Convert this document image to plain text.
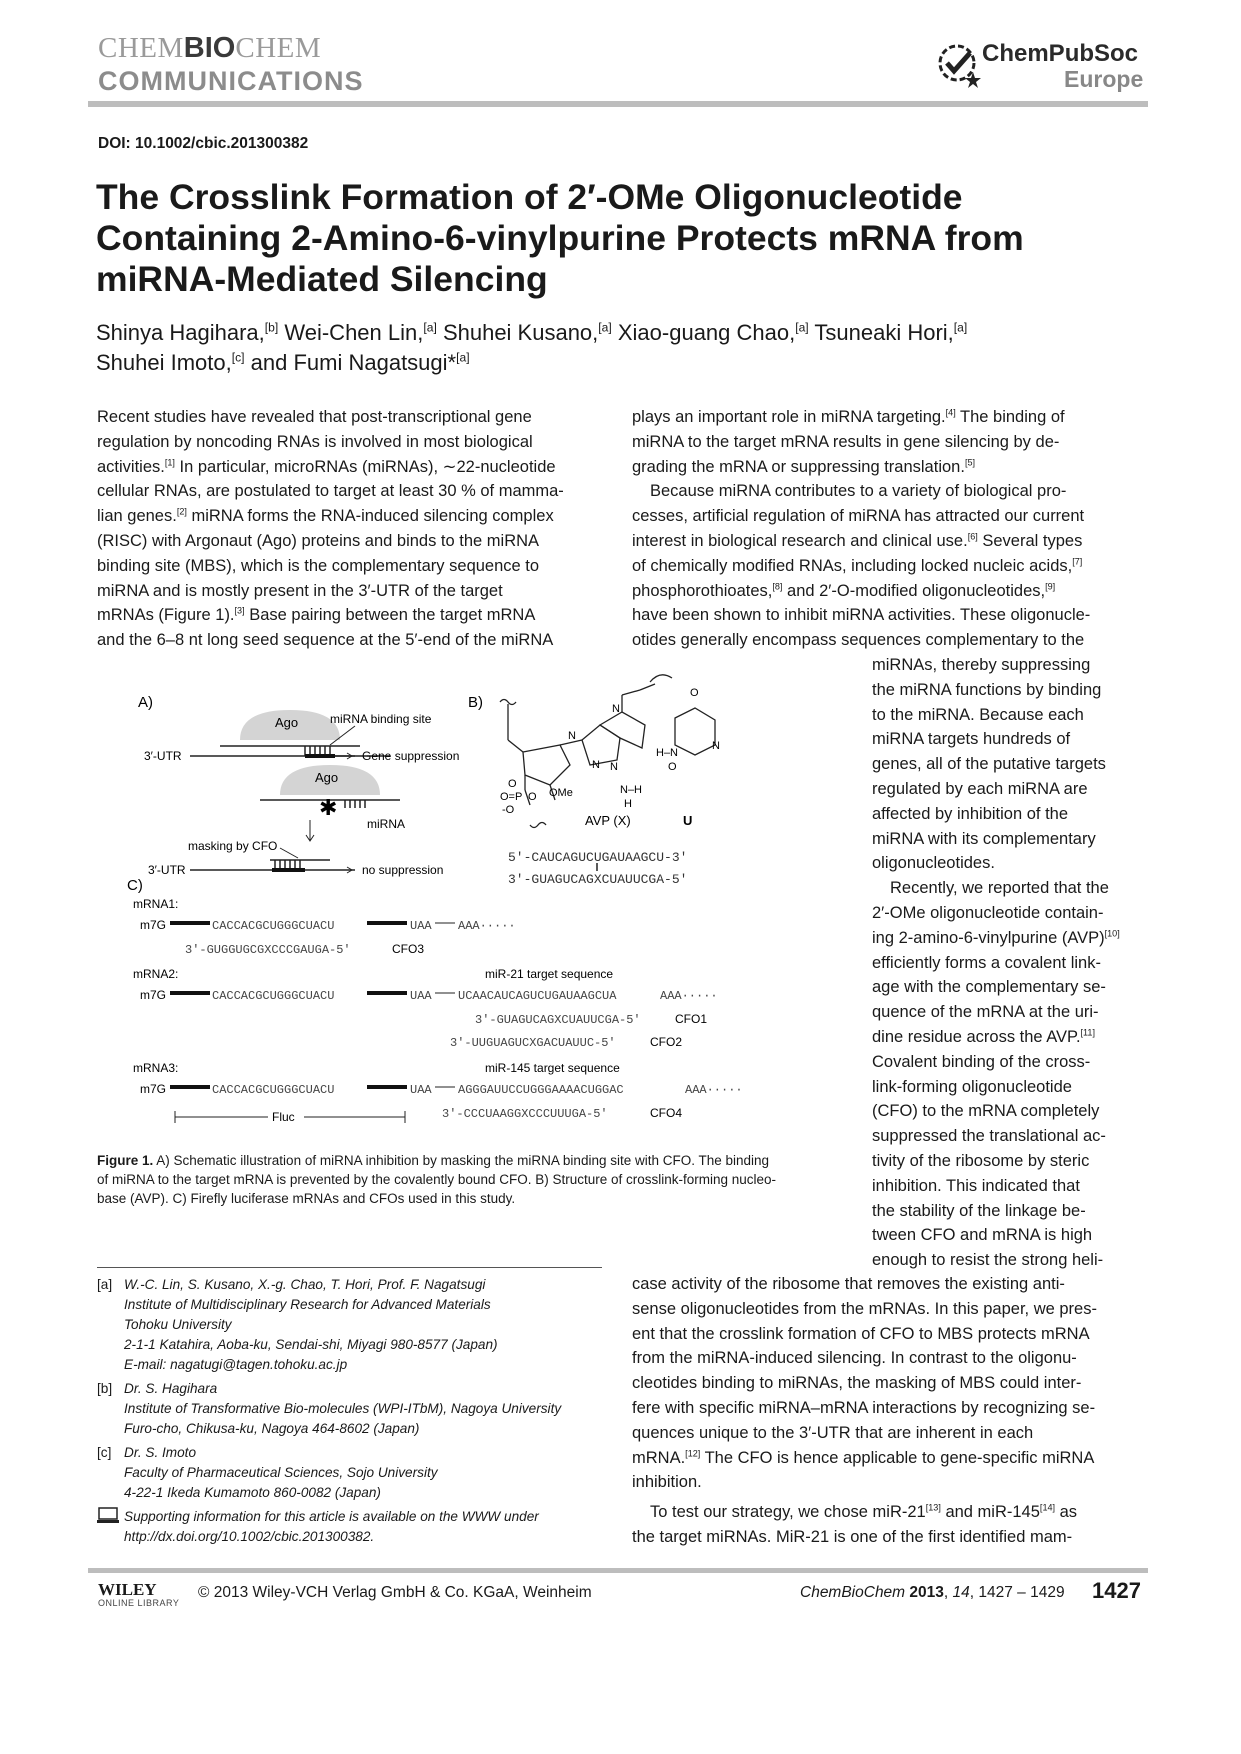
CHEMBIOCHEM
COMMUNICATIONS
ChemPubSoc
Europe
DOI: 10.1002/cbic.201300382
The Crosslink Formation of 2′-OMe Oligonucleotide Containing 2-Amino-6-vinylpurine Protects mRNA from miRNA-Mediated Silencing
Shinya Hagihara,[b] Wei-Chen Lin,[a] Shuhei Kusano,[a] Xiao-guang Chao,[a] Tsuneaki Hori,[a]
Shuhei Imoto,[c] and Fumi Nagatsugi*[a]
Recent studies have revealed that post-transcriptional gene
regulation by noncoding RNAs is involved in most biological
activities.[1] In particular, microRNAs (miRNAs), ∼22-nucleotide
cellular RNAs, are postulated to target at least 30 % of mamma-
lian genes.[2] miRNA forms the RNA-induced silencing complex
(RISC) with Argonaut (Ago) proteins and binds to the miRNA
binding site (MBS), which is the complementary sequence to
miRNA and is mostly present in the 3′-UTR of the target
mRNAs (Figure 1).[3] Base pairing between the target mRNA
and the 6–8 nt long seed sequence at the 5′-end of the miRNA
plays an important role in miRNA targeting.[4] The binding of
miRNA to the target mRNA results in gene silencing by de-
grading the mRNA or suppressing translation.[5]
Because miRNA contributes to a variety of biological pro-
cesses, artificial regulation of miRNA has attracted our current
interest in biological research and clinical use.[6] Several types
of chemically modified RNAs, including locked nucleic acids,[7]
phosphorothioates,[8] and 2′-O-modified oligonucleotides,[9]
have been shown to inhibit miRNA activities. These oligonucle-
otides generally encompass sequences complementary to the
miRNAs, thereby suppressing
the miRNA functions by binding
to the miRNA. Because each
miRNA targets hundreds of
genes, all of the putative targets
regulated by each miRNA are
affected by inhibition of the
miRNA with its complementary
oligonucleotides.
Recently, we reported that the
2′-OMe oligonucleotide contain-
ing 2-amino-6-vinylpurine (AVP)[10]
efficiently forms a covalent link-
age with the complementary se-
quence of the mRNA at the uri-
dine residue across the AVP.[11]
Covalent binding of the cross-
link-forming oligonucleotide
(CFO) to the mRNA completely
suppressed the translational ac-
tivity of the ribosome by steric
inhibition. This indicated that
the stability of the linkage be-
tween CFO and mRNA is high
enough to resist the strong heli-
case activity of the ribosome that removes the existing anti-
sense oligonucleotides from the mRNAs. In this paper, we pres-
ent that the crosslink formation of CFO to MBS protects mRNA
from the miRNA-induced silencing. In contrast to the oligonu-
cleotides binding to miRNAs, the masking of MBS could inter-
fere with specific miRNA–mRNA interactions by recognizing se-
quences unique to the 3′-UTR that are inherent in each
mRNA.[12] The CFO is hence applicable to gene-specific miRNA
inhibition.
To test our strategy, we chose miR-21[13] and miR-145[14] as
the target miRNAs. MiR-21 is one of the first identified mam-
A)
Ago	miRNA binding site
3′-UTR	Gene suppression
Ago
miRNA
✱
masking by CFO
3′-UTR	no suppression
B)
N
N
N
N
H–N
N–H
H
N
O
O
OMe
O
O=P
-O
O
AVP (X)	U
5′-CAUCAGUCUGAUAAGCU-3′
3′-GUAGUCAGXCUAUUCGA-5′
C)
mRNA1:
m7G	CACCACGCUGGGCUACU	UAA AAA·····
3′-GUGGUGCGXCCCGAUGA-5′	CFO3
mRNA2:	miR-21 target sequence
m7G	CACCACGCUGGGCUACU	UAA UCAACAUCAGUCUGAUAAGCUA	AAA·····
3′-GUAGUCAGXCUAUUCGA-5′	CFO1
3′-UUGUAGUCXGACUAUUC-5′	CFO2
mRNA3:	miR-145 target sequence
m7G	CACCACGCUGGGCUACU	UAA AGGGAUUCCUGGGAAAACUGGAC	AAA·····
3′-CCCUAAGGXCCCUUUGA-5′	CFO4
Fluc
Figure 1. A) Schematic illustration of miRNA inhibition by masking the miRNA binding site with CFO. The binding
of miRNA to the target mRNA is prevented by the covalently bound CFO. B) Structure of crosslink-forming nucleo-
base (AVP). C) Firefly luciferase mRNAs and CFOs used in this study.
[a] W.-C. Lin, S. Kusano, X.-g. Chao, T. Hori, Prof. F. Nagatsugi
Institute of Multidisciplinary Research for Advanced Materials
Tohoku University
2-1-1 Katahira, Aoba-ku, Sendai-shi, Miyagi 980-8577 (Japan)
E-mail: nagatugi@tagen.tohoku.ac.jp
[b] Dr. S. Hagihara
Institute of Transformative Bio-molecules (WPI-ITbM), Nagoya University
Furo-cho, Chikusa-ku, Nagoya 464-8602 (Japan)
[c] Dr. S. Imoto
Faculty of Pharmaceutical Sciences, Sojo University
4-22-1 Ikeda Kumamoto 860-0082 (Japan)
Supporting information for this article is available on the WWW under
http://dx.doi.org/10.1002/cbic.201300382.
WILEY
ONLINE LIBRARY
© 2013 Wiley-VCH Verlag GmbH & Co. KGaA, Weinheim	ChemBioChem 2013, 14, 1427 – 1429 1427
